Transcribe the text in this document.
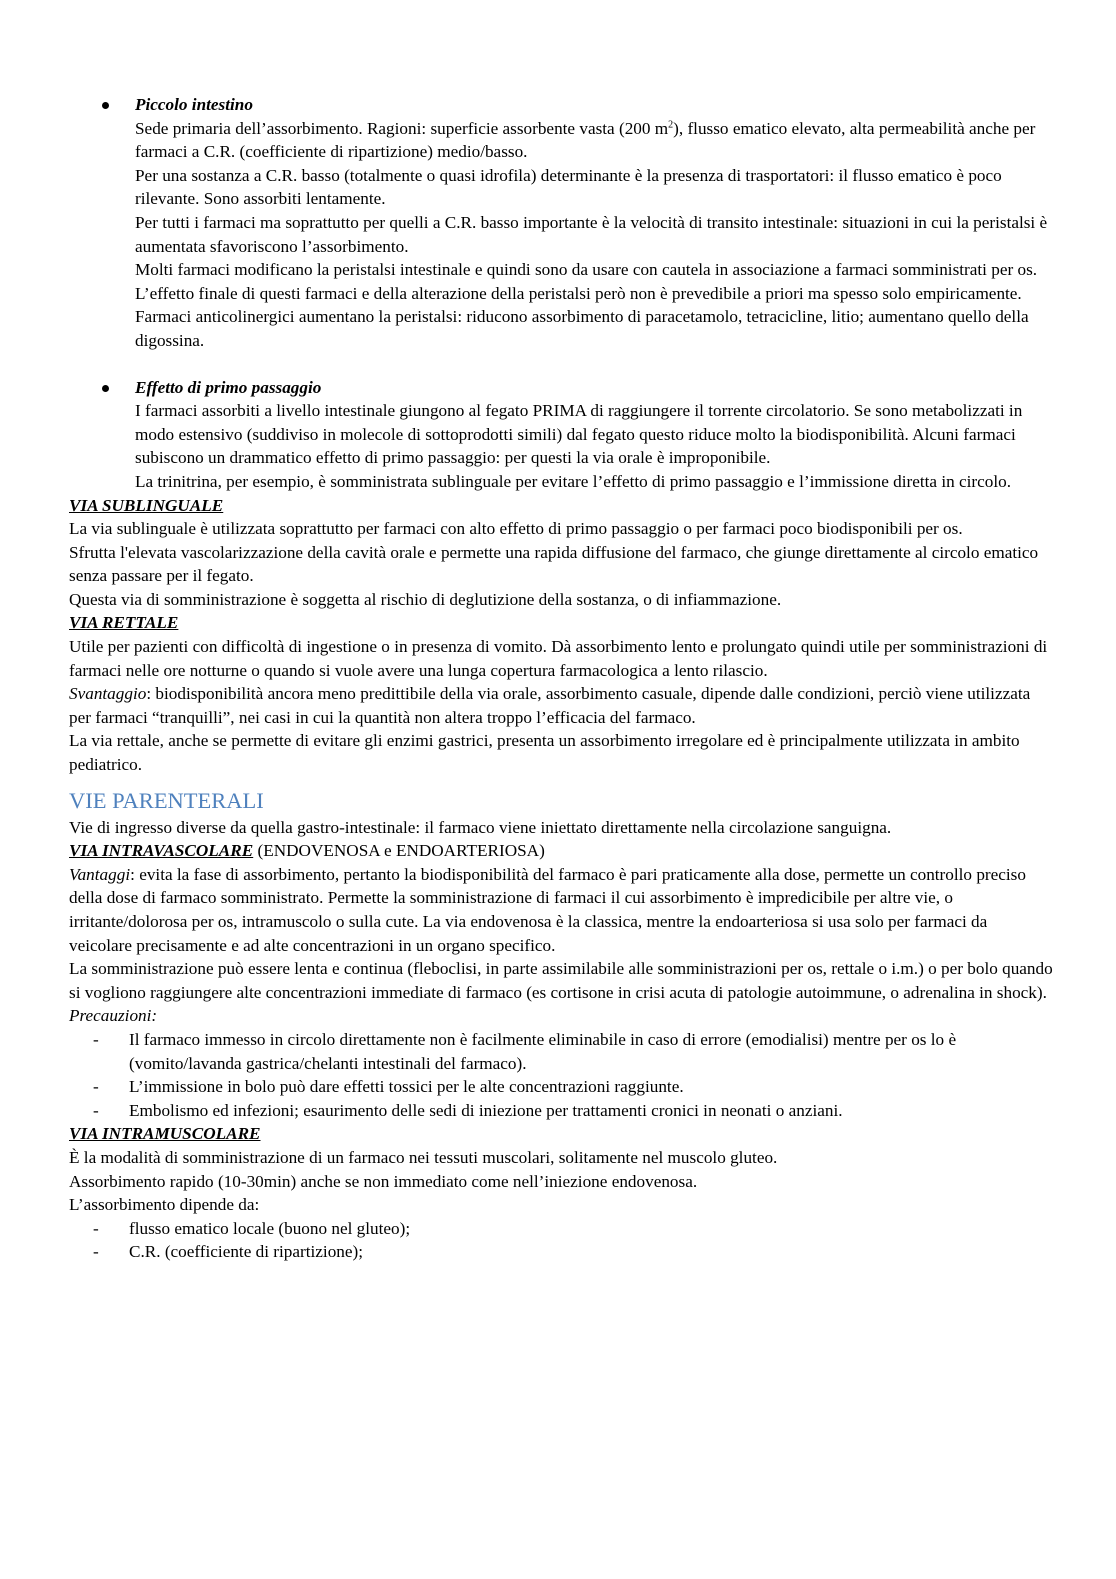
Piccolo intestino

Sede primaria dell’assorbimento. Ragioni: superficie assorbente vasta (200 $m^2$), flusso ematico elevato, alta permeabilità anche per farmaci a C.R. (coefficiente di ripartizione) medio/basso.

Per una sostanza a C.R. basso (totalmente o quasi idrofila) determinante è la presenza di trasportatori: il flusso ematico è poco rilevante. Sono assorbiti lentamente.

Per tutti i farmaci ma soprattutto per quelli a C.R. basso importante è la velocità di transito intestinale: situazioni in cui la peristalsi è aumentata sfavoriscono l’assorbimento.

Molti farmaci modificano la peristalsi intestinale e quindi sono da usare con cautela in associazione a farmaci somministrati per os.

L’effetto finale di questi farmaci e della alterazione della peristalsi però non è prevedibile a priori ma spesso solo empiricamente.

Farmaci anticolinergici aumentano la peristalsi: riducono assorbimento di paracetamolo, tetracicline, litio; aumentano quello della digossina.

Effetto di primo passaggio

I farmaci assorbiti a livello intestinale giungono al fegato PRIMA di raggiungere il torrente circolatorio. Se sono metabolizzati in modo estensivo (suddiviso in molecole di sottoprodotti simili) dal fegato questo riduce molto la biodisponibilità. Alcuni farmaci subiscono un drammatico effetto di primo passaggio: per questi la via orale è improponibile.

La trinitrina, per esempio, è somministrata sublinguale per evitare l’effetto di primo passaggio e l’immissione diretta in circolo.

VIA SUBLINGUALE

La via sublinguale è utilizzata soprattutto per farmaci con alto effetto di primo passaggio o per farmaci poco biodisponibili per os.

Sfrutta l'elevata vascolarizzazione della cavità orale e permette una rapida diffusione del farmaco, che giunge direttamente al circolo ematico senza passare per il fegato.

Questa via di somministrazione è soggetta al rischio di deglutizione della sostanza, o di infiammazione.

VIA RETTALE

Utile per pazienti con difficoltà di ingestione o in presenza di vomito. Dà assorbimento lento e prolungato quindi utile per somministrazioni di farmaci nelle ore notturne o quando si vuole avere una lunga copertura farmacologica a lento rilascio.

Svantaggio: biodisponibilità ancora meno predittibile della via orale, assorbimento casuale, dipende dalle condizioni, perciò viene utilizzata per farmaci “tranquilli”, nei casi in cui la quantità non altera troppo l’efficacia del farmaco.

La via rettale, anche se permette di evitare gli enzimi gastrici, presenta un assorbimento irregolare ed è principalmente utilizzata in ambito pediatrico.

VIE PARENTERALI

Vie di ingresso diverse da quella gastro-intestinale: il farmaco viene iniettato direttamente nella circolazione sanguigna.

VIA INTRAVASCOLARE (ENDOVENOSA e ENDOARTERIOSA)

Vantaggi: evita la fase di assorbimento, pertanto la biodisponibilità del farmaco è pari praticamente alla dose, permette un controllo preciso della dose di farmaco somministrato. Permette la somministrazione di farmaci il cui assorbimento è impredicibile per altre vie, o irritante/dolorosa per os, intramuscolo o sulla cute. La via endovenosa è la classica, mentre la endoarteriosa si usa solo per farmaci da veicolare precisamente e ad alte concentrazioni in un organo specifico.

La somministrazione può essere lenta e continua (fleboclisi, in parte assimilabile alle somministrazioni per os, rettale o i.m.) o per bolo quando si vogliono raggiungere alte concentrazioni immediate di farmaco (es cortisone in crisi acuta di patologie autoimmune, o adrenalina in shock).

Precauzioni:
- Il farmaco immesso in circolo direttamente non è facilmente eliminabile in caso di errore (emodialisi) mentre per os lo è (vomito/lavanda gastrica/chelanti intestinali del farmaco).
- L’immissione in bolo può dare effetti tossici per le alte concentrazioni raggiunte.
- Embolismo ed infezioni; esaurimento delle sedi di iniezione per trattamenti cronici in neonati o anziani.
VIA INTRAMUSCOLARE

È la modalità di somministrazione di un farmaco nei tessuti muscolari, solitamente nel muscolo gluteo.

Assorbimento rapido (10-30min) anche se non immediato come nell’iniezione endovenosa.

L’assorbimento dipende da:

- flusso ematico locale (buono nel gluteo);
- C.R. (coefficiente di ripartizione);
